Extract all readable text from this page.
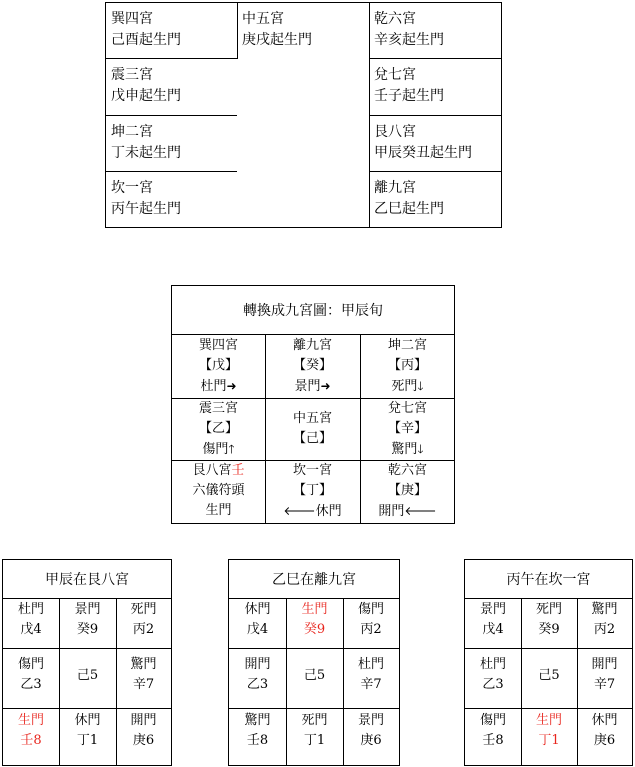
巽四宮
己酉起生門
中五宮
庚戌起生門
乾六宮
辛亥起生門
震三宮
戊申起生門
兌七宮
壬子起生門
坤二宮
丁未起生門
艮八宮
甲辰癸丑起生門
坎一宮
丙午起生門
離九宮
乙巳起生門
轉換成九宮圖：甲辰旬
巽四宮
【戊】
杜門➜
離九宮
【癸】
景門➜
坤二宮
【丙】
死門🡓
震三宮
【乙】
傷門🡑
中五宮
【己】
兌七宮
【辛】
驚門🡓
艮八宮壬
六儀符頭
生門
坎一宮
【丁】
🡐休門
乾六宮
【庚】
開門🡐
甲辰在艮八宮
杜門
戊4
景門
癸9
死門
丙2
傷門
乙3
己5
驚門
辛7
生門
壬8
休門
丁1
開門
庚6
乙巳在離九宮
休門
戊4
生門
癸9
傷門
丙2
開門
乙3
己5
杜門
辛7
驚門
壬8
死門
丁1
景門
庚6
丙午在坎一宮
景門
戊4
死門
癸9
驚門
丙2
杜門
乙3
己5
開門
辛7
傷門
壬8
生門
丁1
休門
庚6
